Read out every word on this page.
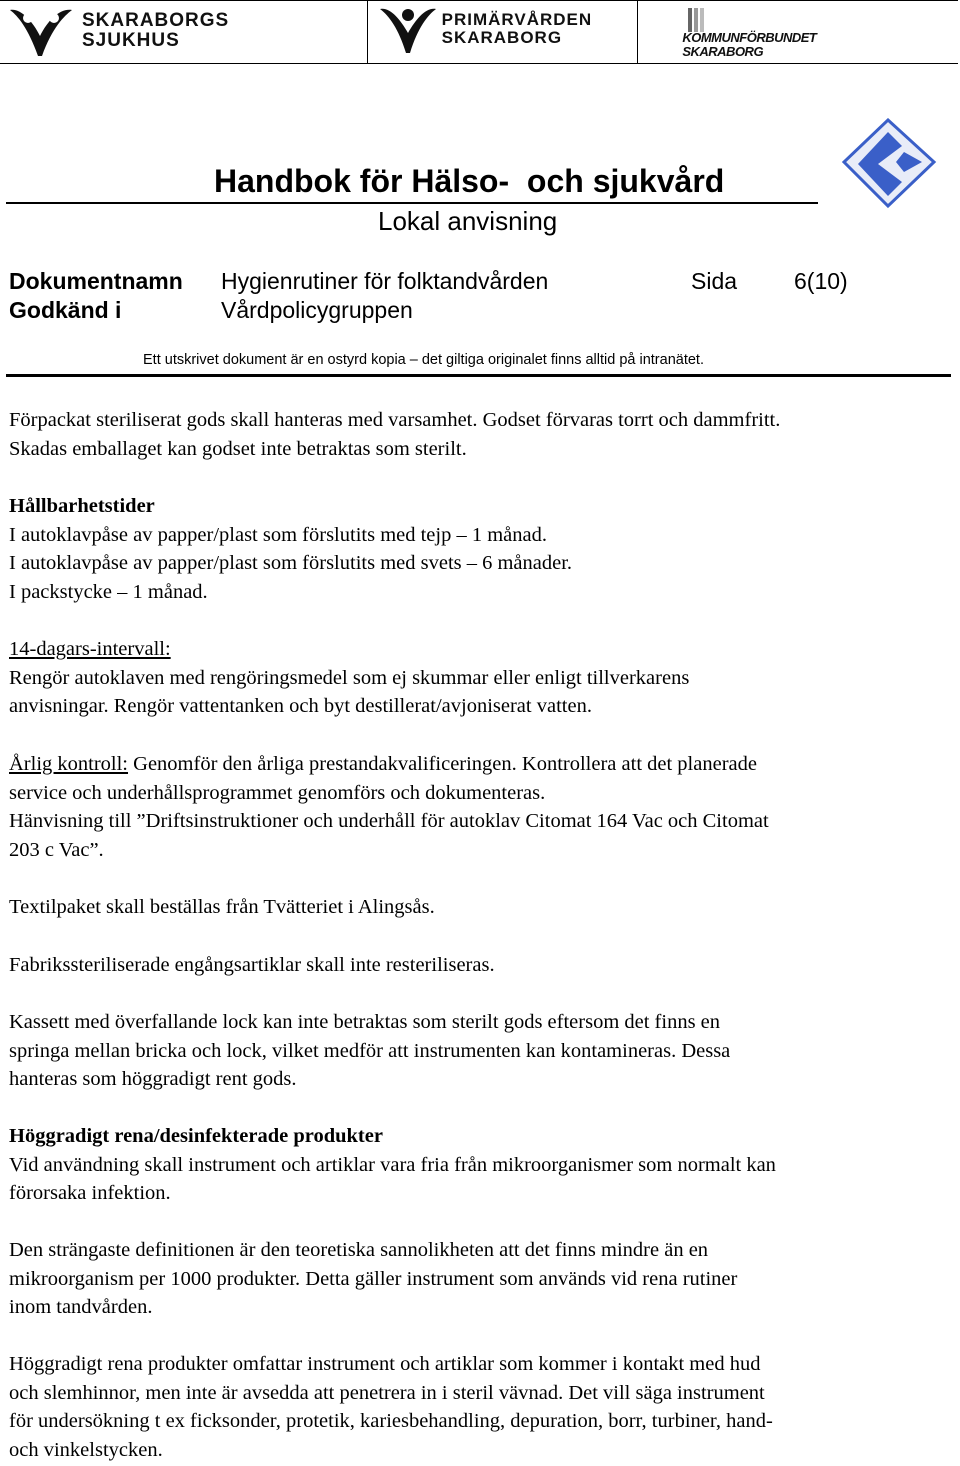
SKARABORGS
SJUKHUS
PRIMÄRVÅRDEN
SKARABORG	KOMMUNFÖRBUNDET
SKARABORG
Handbok för Hälso-  och sjukvård
Lokal anvisning
Dokumentnamn Hygienrutiner för folktandvården	Sida 6(10)
Godkänd i	Vårdpolicygruppen
Ett utskrivet dokument är en ostyrd kopia – det giltiga originalet finns alltid på intranätet.

Förpackat steriliserat gods skall hanteras med varsamhet. Godset förvaras torrt och dammfritt.

Skadas emballaget kan godset inte betraktas som sterilt.

Hållbarhetstider

I autoklavpåse av papper/plast som förslutits med tejp – 1 månad.

I autoklavpåse av papper/plast som förslutits med svets – 6 månader.

I packstycke – 1 månad.

14-dagars-intervall:

Rengör autoklaven med rengöringsmedel som ej skummar eller enligt tillverkarens

anvisningar. Rengör vattentanken och byt destillerat/avjoniserat vatten.

Årlig kontroll: Genomför den årliga prestandakvalificeringen. Kontrollera att det planerade

service och underhållsprogrammet genomförs och dokumenteras.

Hänvisning till ”Driftsinstruktioner och underhåll för autoklav Citomat 164 Vac och Citomat

203 c Vac”.

Textilpaket skall beställas från Tvätteriet i Alingsås.

Fabrikssteriliserade engångsartiklar skall inte resteriliseras.

Kassett med överfallande lock kan inte betraktas som sterilt gods eftersom det finns en

springa mellan bricka och lock, vilket medför att instrumenten kan kontamineras. Dessa

hanteras som höggradigt rent gods.

Höggradigt rena/desinfekterade produkter

Vid användning skall instrument och artiklar vara fria från mikroorganismer som normalt kan

förorsaka infektion.

Den strängaste definitionen är den teoretiska sannolikheten att det finns mindre än en

mikroorganism per 1000 produkter. Detta gäller instrument som används vid rena rutiner

inom tandvården.

Höggradigt rena produkter omfattar instrument och artiklar som kommer i kontakt med hud

och slemhinnor, men inte är avsedda att penetrera in i steril vävnad. Det vill säga instrument

för undersökning t ex ficksonder, protetik, kariesbehandling, depuration, borr, turbiner, hand-

och vinkelstycken.
